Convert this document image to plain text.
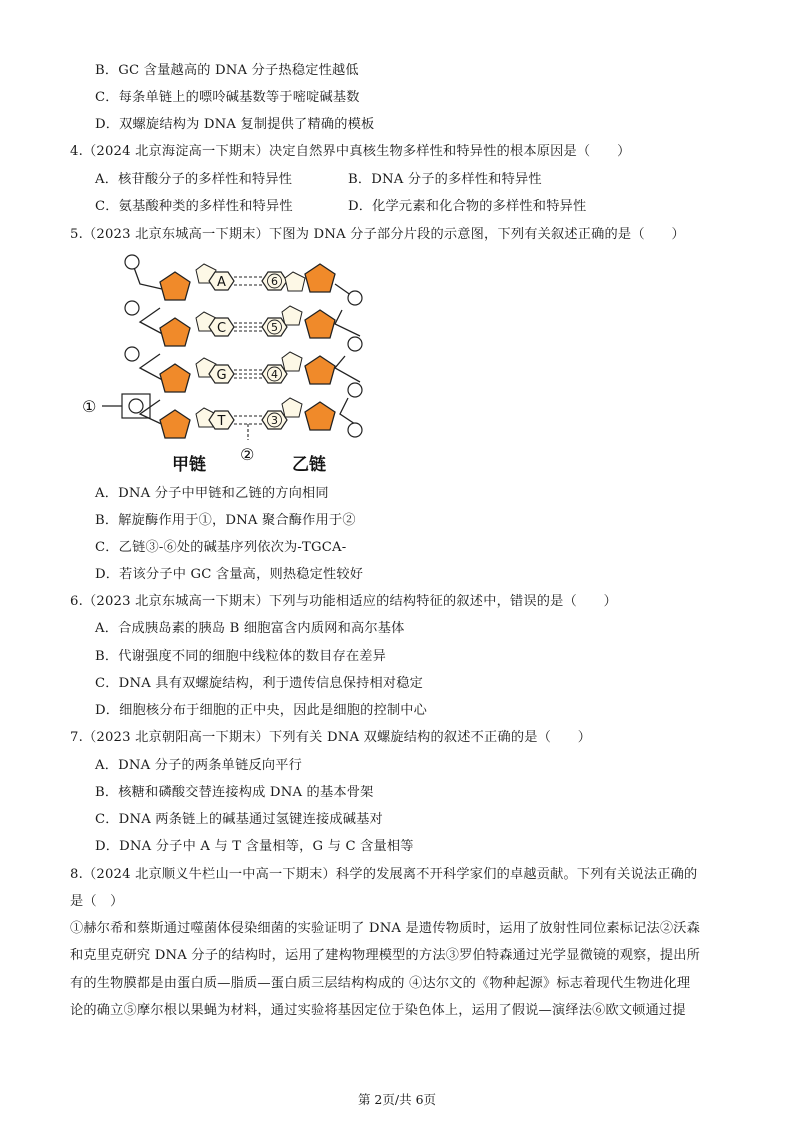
B．GC 含量越高的 DNA 分子热稳定性越低
C．每条单链上的嘌呤碱基数等于嘧啶碱基数
D．双螺旋结构为 DNA 复制提供了精确的模板
4.（2024 北京海淀高一下期末）决定自然界中真核生物多样性和特异性的根本原因是（　　）
A．核苷酸分子的多样性和特异性	B．DNA 分子的多样性和特异性
C．氨基酸种类的多样性和特异性	D．化学元素和化合物的多样性和特异性
5.（2023 北京东城高一下期末）下图为 DNA 分子部分片段的示意图，下列有关叙述正确的是（　　）
①
A
C
G
T
6
5
4
3
②
甲链	乙链
A．DNA 分子中甲链和乙链的方向相同
B．解旋酶作用于①，DNA 聚合酶作用于②
C．乙链③-⑥处的碱基序列依次为-TGCA-
D．若该分子中 GC 含量高，则热稳定性较好
6.（2023 北京东城高一下期末）下列与功能相适应的结构特征的叙述中，错误的是（　　）
A．合成胰岛素的胰岛 B 细胞富含内质网和高尔基体
B．代谢强度不同的细胞中线粒体的数目存在差异
C．DNA 具有双螺旋结构，利于遗传信息保持相对稳定
D．细胞核分布于细胞的正中央，因此是细胞的控制中心
7.（2023 北京朝阳高一下期末）下列有关 DNA 双螺旋结构的叙述不正确的是（　　）
A．DNA 分子的两条单链反向平行
B．核糖和磷酸交替连接构成 DNA 的基本骨架
C．DNA 两条链上的碱基通过氢键连接成碱基对
D．DNA 分子中 A 与 T 含量相等，G 与 C 含量相等
8.（2024 北京顺义牛栏山一中高一下期末）科学的发展离不开科学家们的卓越贡献。下列有关说法正确的
是（　）
①赫尔希和蔡斯通过噬菌体侵染细菌的实验证明了 DNA 是遗传物质时，运用了放射性同位素标记法②沃森
和克里克研究 DNA 分子的结构时，运用了建构物理模型的方法③罗伯特森通过光学显微镜的观察，提出所
有的生物膜都是由蛋白质—脂质—蛋白质三层结构构成的 ④达尔文的《物种起源》标志着现代生物进化理
论的确立⑤摩尔根以果蝇为材料，通过实验将基因定位于染色体上，运用了假说—演绎法⑥欧文顿通过提
第 2页/共 6页
